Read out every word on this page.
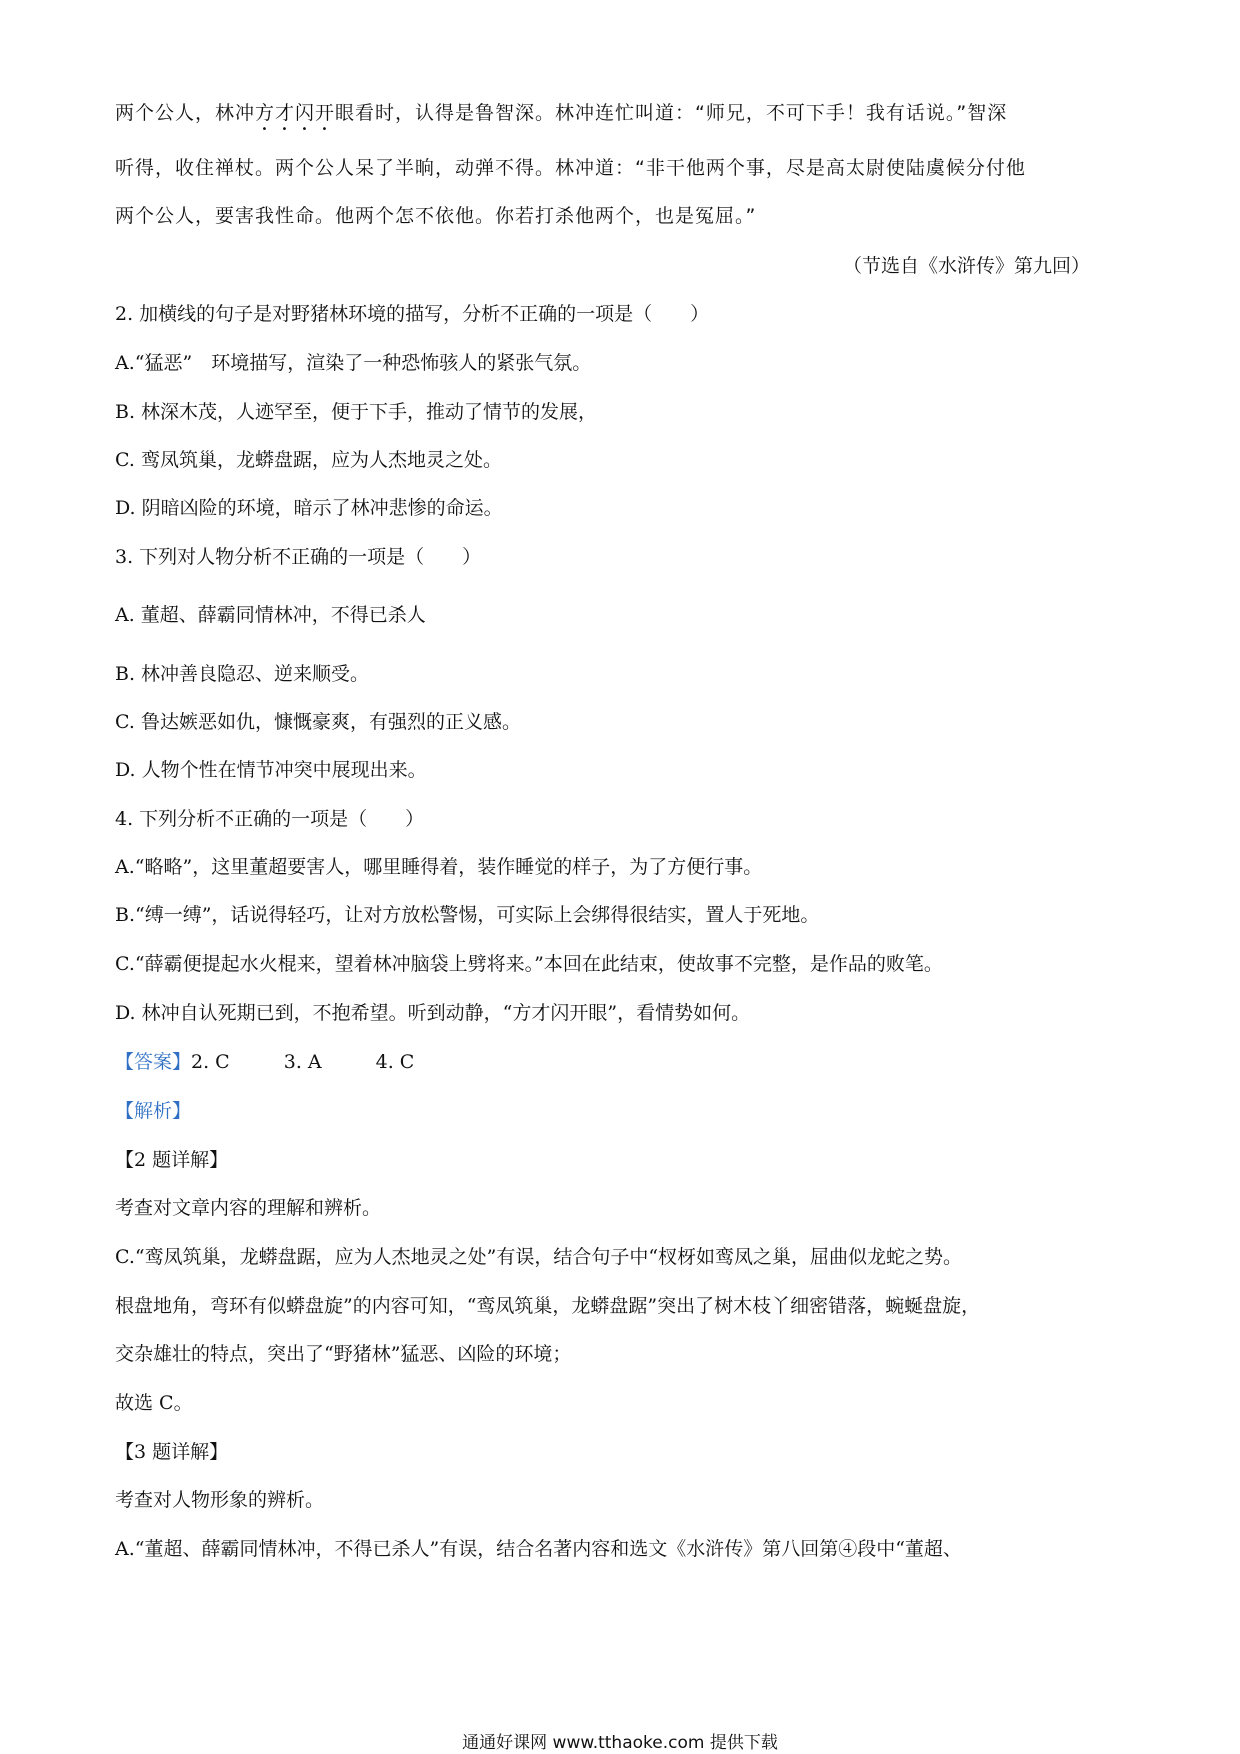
两个公人，林冲方才闪开眼看时，认得是鲁智深。林冲连忙叫道：“师兄，不可下手！我有话说。”智深
听得，收住禅杖。两个公人呆了半晌，动弹不得。林冲道：“非干他两个事，尽是高太尉使陆虞候分付他
两个公人，要害我性命。他两个怎不依他。你若打杀他两个，也是冤屈。”
（节选自《水浒传》第九回）
2. 加横线的句子是对野猪林环境的描写，分析不正确的一项是（　　）
A.“猛恶”　环境描写，渲染了一种恐怖骇人的紧张气氛。
B. 林深木茂，人迹罕至，便于下手，推动了情节的发展，
C. 鸾凤筑巢，龙蟒盘踞，应为人杰地灵之处。
D. 阴暗凶险的环境，暗示了林冲悲惨的命运。
3. 下列对人物分析不正确的一项是（　　）
A. 董超、薛霸同情林冲，不得已杀人
B. 林冲善良隐忍、逆来顺受。
C. 鲁达嫉恶如仇，慷慨豪爽，有强烈的正义感。
D. 人物个性在情节冲突中展现出来。
4. 下列分析不正确的一项是（　　）
A.“略略”，这里董超要害人，哪里睡得着，装作睡觉的样子，为了方便行事。
B.“缚一缚”，话说得轻巧，让对方放松警惕，可实际上会绑得很结实，置人于死地。
C.“薛霸便提起水火棍来，望着林冲脑袋上劈将来。”本回在此结束，使故事不完整，是作品的败笔。
D. 林冲自认死期已到，不抱希望。听到动静，“方才闪开眼”，看情势如何。
【答案】2. C	3. A	4. C
【解析】
【2 题详解】
考查对文章内容的理解和辨析。
C.“鸾凤筑巢，龙蟒盘踞，应为人杰地灵之处”有误，结合句子中“杈枒如鸾凤之巢，屈曲似龙蛇之势。
根盘地角，弯环有似蟒盘旋”的内容可知，“鸾凤筑巢，龙蟒盘踞”突出了树木枝丫细密错落，蜿蜒盘旋，
交杂雄壮的特点，突出了“野猪林”猛恶、凶险的环境；
故选 C。
【3 题详解】
考查对人物形象的辨析。
A.“董超、薛霸同情林冲，不得已杀人”有误，结合名著内容和选文《水浒传》第八回第④段中“董超、
通通好课网 www.tthaoke.com 提供下载
